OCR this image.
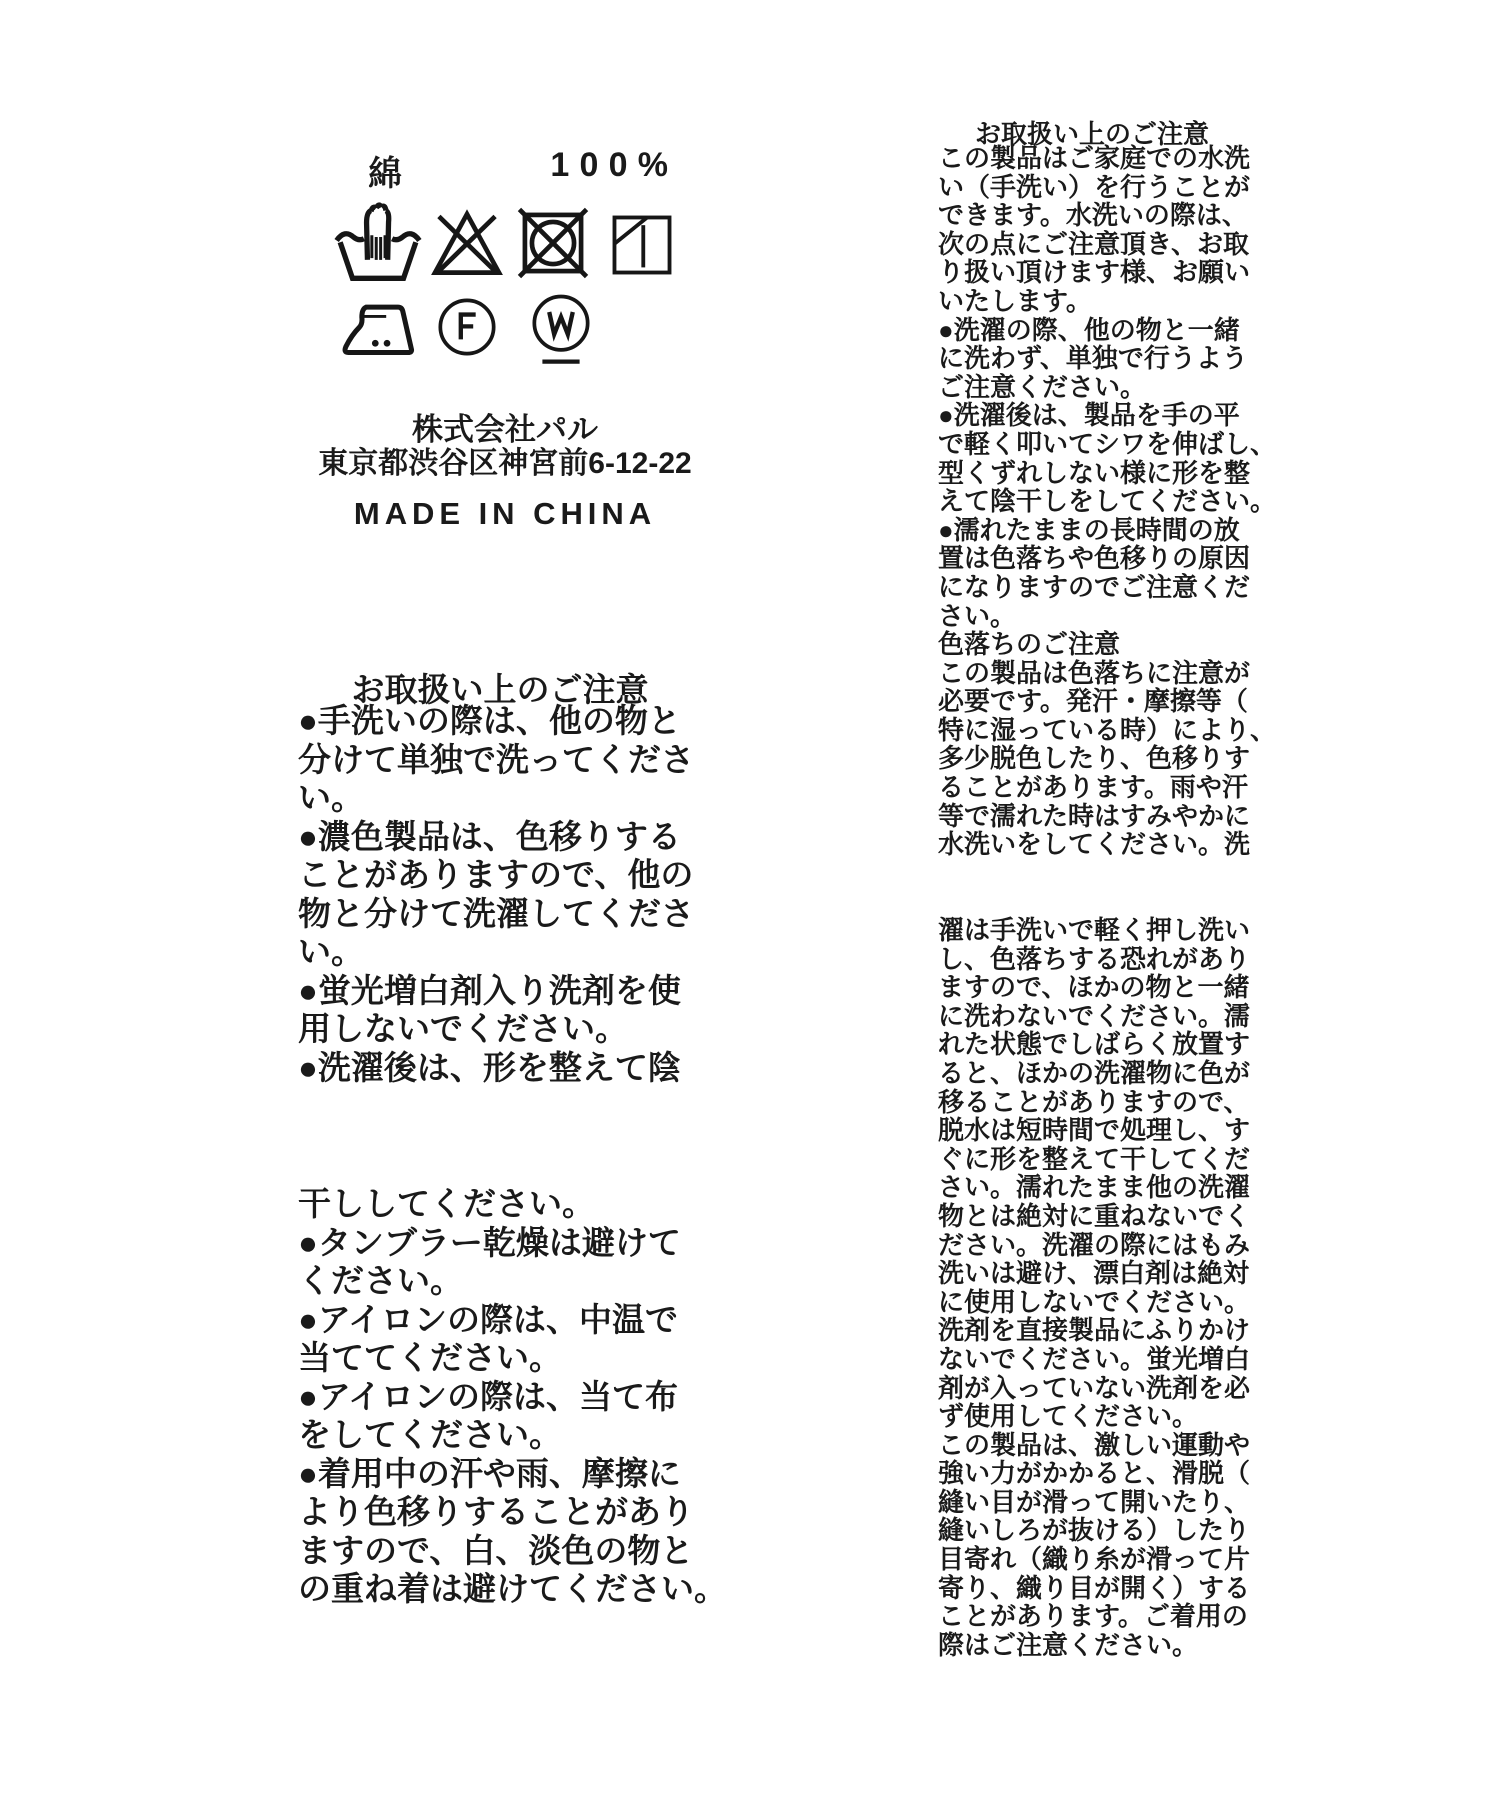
綿	100%
株式会社パル
東京都渋谷区神宮前6-12-22
MADE IN CHINA
お取扱い上のご注意
●手洗いの際は、他の物と
分けて単独で洗ってくださ
い。
●濃色製品は、色移りする
ことがありますので、他の
物と分けて洗濯してくださ
い。
●蛍光増白剤入り洗剤を使
用しないでください。
●洗濯後は、形を整えて陰
干ししてください。
●タンブラー乾燥は避けて
ください。
●アイロンの際は、中温で
当ててください。
●アイロンの際は、当て布
をしてください。
●着用中の汗や雨、摩擦に
より色移りすることがあり
ますので、白、淡色の物と
の重ね着は避けてください。
お取扱い上のご注意
この製品はご家庭での水洗
い（手洗い）を行うことが
できます。水洗いの際は、
次の点にご注意頂き、お取
り扱い頂けます様、お願い
いたします。
●洗濯の際、他の物と一緒
に洗わず、単独で行うよう
ご注意ください。
●洗濯後は、製品を手の平
で軽く叩いてシワを伸ばし、
型くずれしない様に形を整
えて陰干しをしてください。
●濡れたままの長時間の放
置は色落ちや色移りの原因
になりますのでご注意くだ
さい。
色落ちのご注意
この製品は色落ちに注意が
必要です。発汗・摩擦等（
特に湿っている時）により、
多少脱色したり、色移りす
ることがあります。雨や汗
等で濡れた時はすみやかに
水洗いをしてください。洗
濯は手洗いで軽く押し洗い
し、色落ちする恐れがあり
ますので、ほかの物と一緒
に洗わないでください。濡
れた状態でしばらく放置す
ると、ほかの洗濯物に色が
移ることがありますので、
脱水は短時間で処理し、す
ぐに形を整えて干してくだ
さい。濡れたまま他の洗濯
物とは絶対に重ねないでく
ださい。洗濯の際にはもみ
洗いは避け、漂白剤は絶対
に使用しないでください。
洗剤を直接製品にふりかけ
ないでください。蛍光増白
剤が入っていない洗剤を必
ず使用してください。
この製品は、激しい運動や
強い力がかかると、滑脱（
縫い目が滑って開いたり、
縫いしろが抜ける）したり
目寄れ（織り糸が滑って片
寄り、織り目が開く）する
ことがあります。ご着用の
際はご注意ください。
